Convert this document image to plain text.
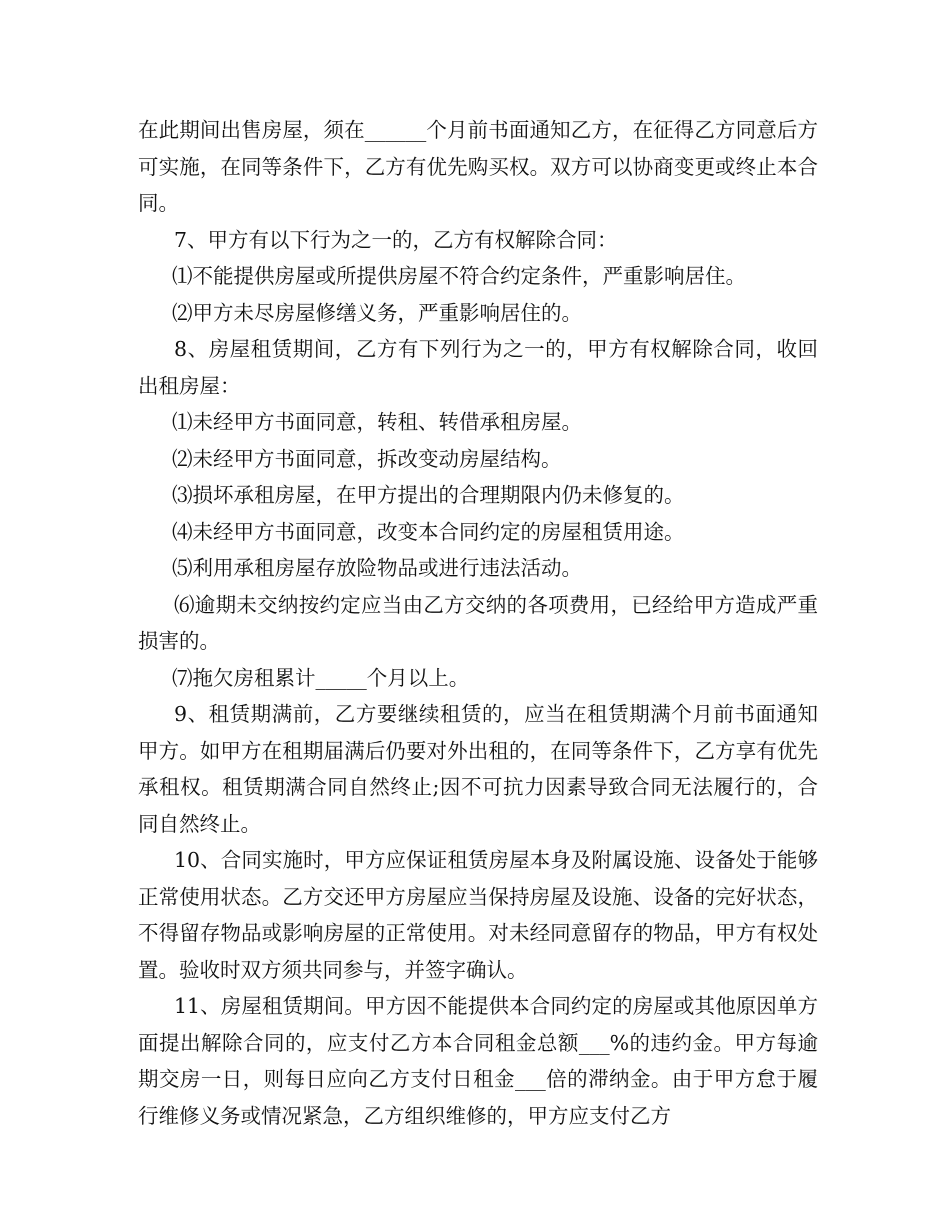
在此期间出售房屋，须在______个月前书面通知乙方，在征得乙方同意后方可实施，在同等条件下，乙方有优先购买权。双方可以协商变更或终止本合同。

7、甲方有以下行为之一的，乙方有权解除合同：

⑴不能提供房屋或所提供房屋不符合约定条件，严重影响居住。

⑵甲方未尽房屋修缮义务，严重影响居住的。

8、房屋租赁期间，乙方有下列行为之一的，甲方有权解除合同，收回出租房屋：

⑴未经甲方书面同意，转租、转借承租房屋。

⑵未经甲方书面同意，拆改变动房屋结构。

⑶损坏承租房屋，在甲方提出的合理期限内仍未修复的。

⑷未经甲方书面同意，改变本合同约定的房屋租赁用途。

⑸利用承租房屋存放险物品或进行违法活动。

⑹逾期未交纳按约定应当由乙方交纳的各项费用，已经给甲方造成严重损害的。

⑺拖欠房租累计_____个月以上。

9、租赁期满前，乙方要继续租赁的，应当在租赁期满个月前书面通知甲方。如甲方在租期届满后仍要对外出租的，在同等条件下，乙方享有优先承租权。租赁期满合同自然终止;因不可抗力因素导致合同无法履行的，合同自然终止。

10、合同实施时，甲方应保证租赁房屋本身及附属设施、设备处于能够正常使用状态。乙方交还甲方房屋应当保持房屋及设施、设备的完好状态，不得留存物品或影响房屋的正常使用。对未经同意留存的物品，甲方有权处置。验收时双方须共同参与，并签字确认。

11、房屋租赁期间。甲方因不能提供本合同约定的房屋或其他原因单方面提出解除合同的，应支付乙方本合同租金总额___%的违约金。甲方每逾期交房一日，则每日应向乙方支付日租金___倍的滞纳金。由于甲方怠于履行维修义务或情况紧急，乙方组织维修的，甲方应支付乙方
